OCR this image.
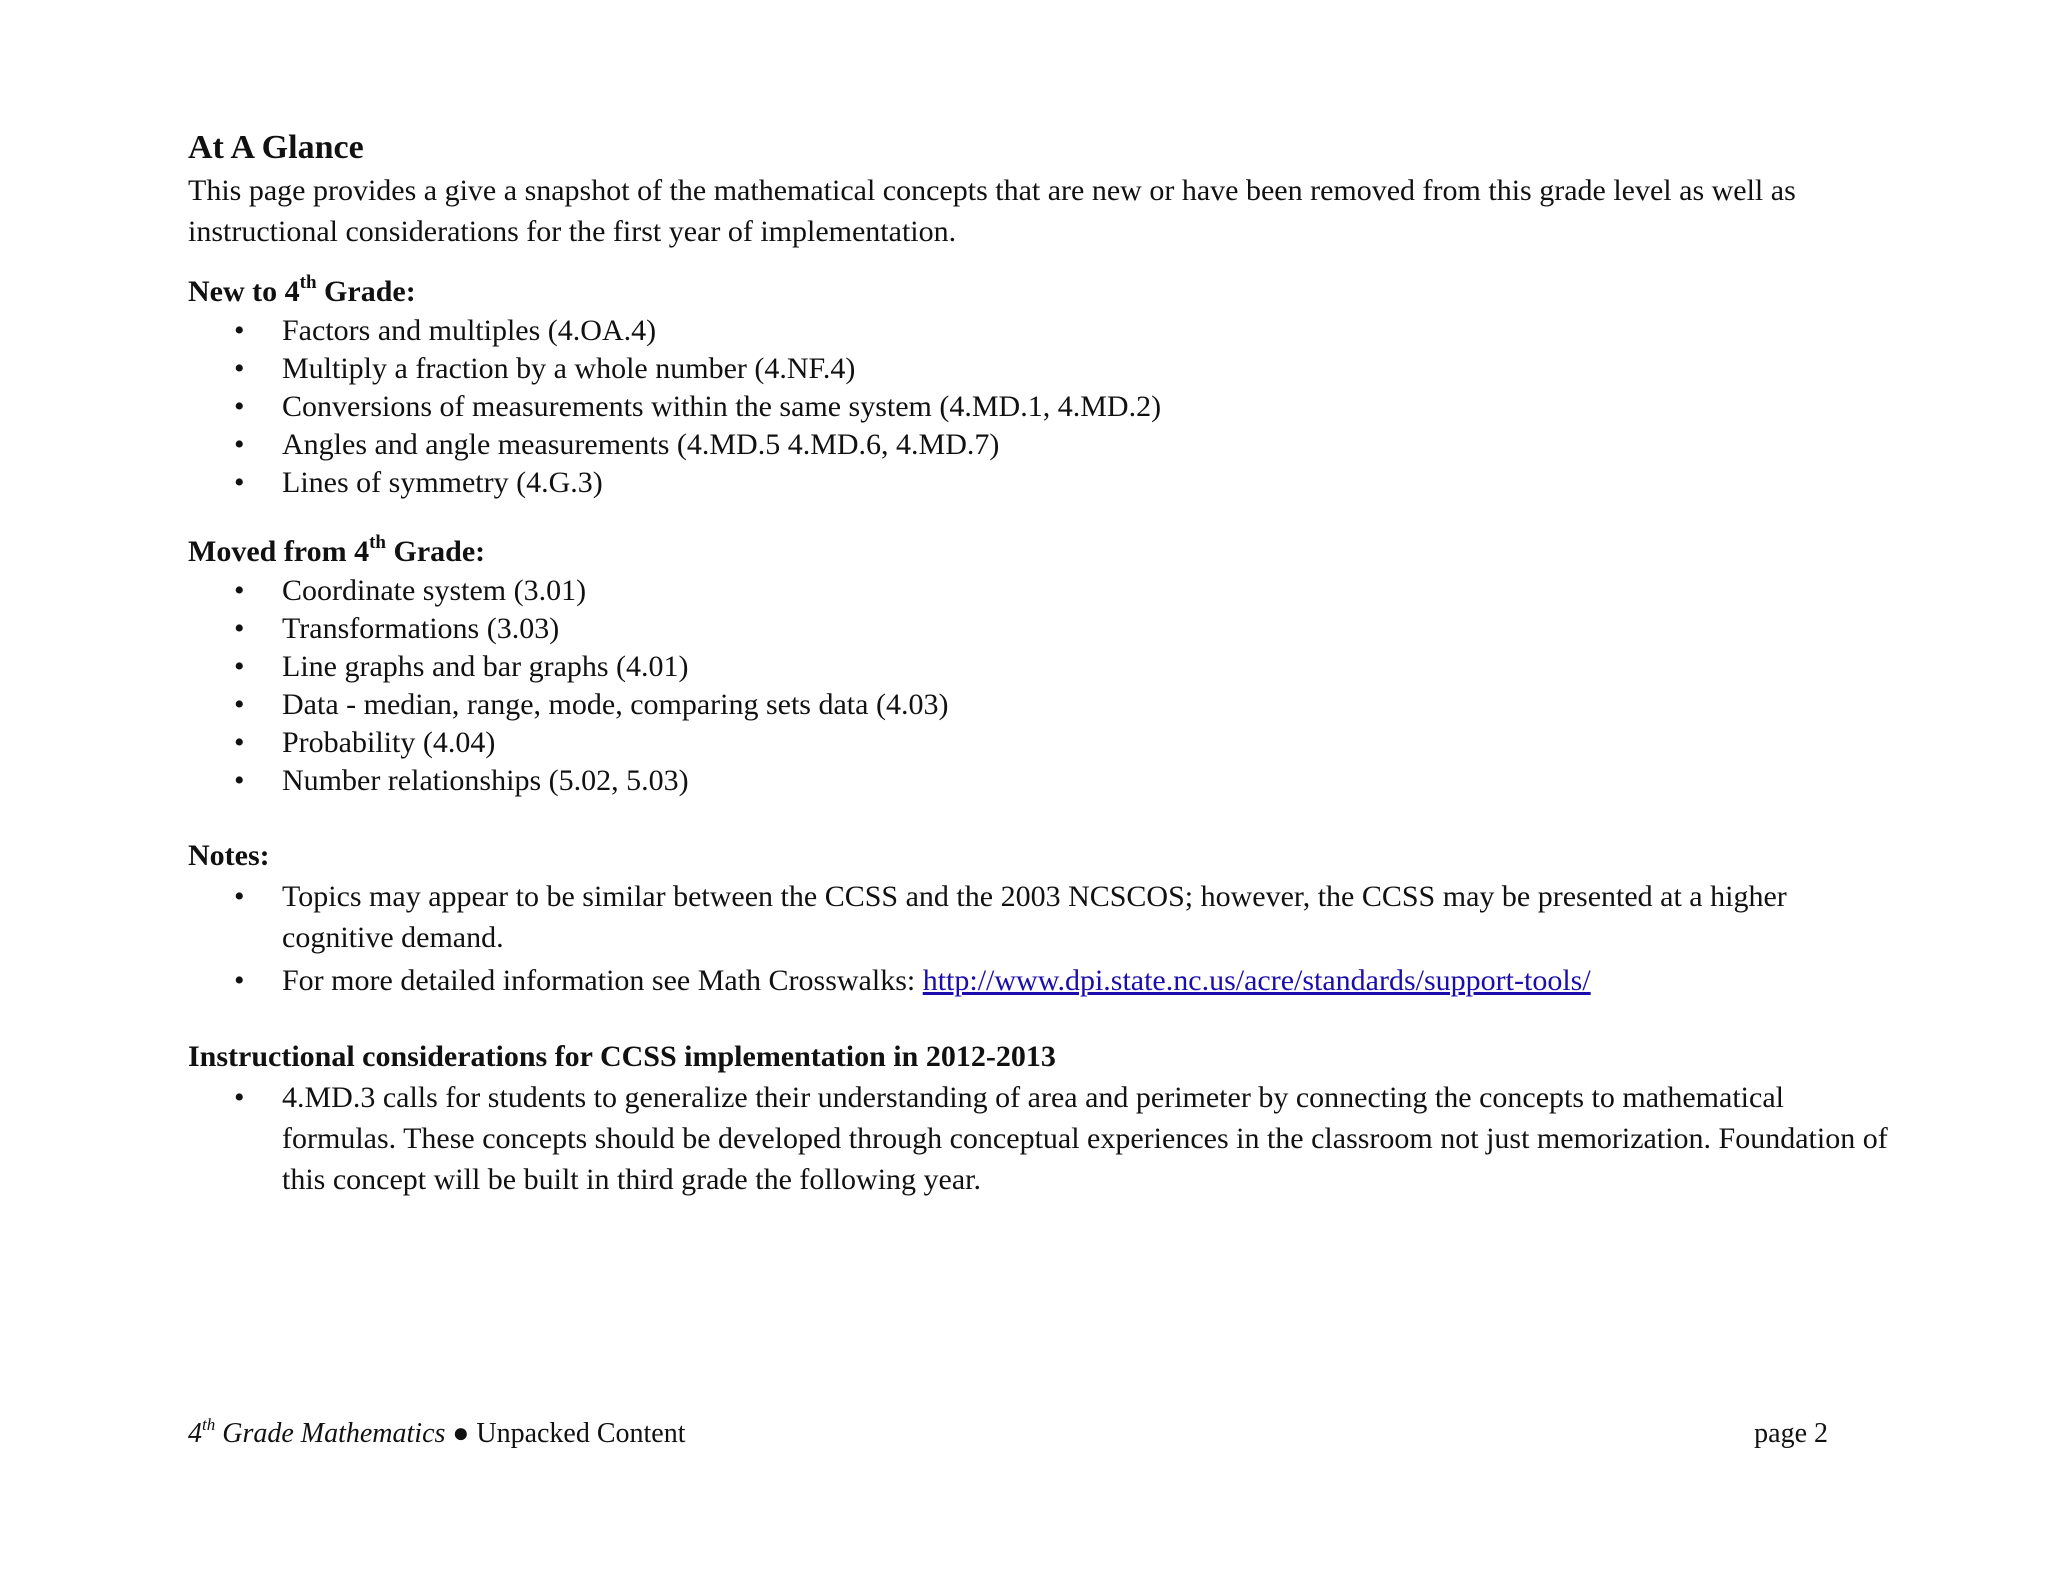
At A Glance

This page provides a give a snapshot of the mathematical concepts that are new or have been removed from this grade level as well as instructional considerations for the first year of implementation.

New to 4th Grade:
• Factors and multiples (4.OA.4)
• Multiply a fraction by a whole number (4.NF.4)
• Conversions of measurements within the same system (4.MD.1, 4.MD.2)
• Angles and angle measurements (4.MD.5 4.MD.6, 4.MD.7)
• Lines of symmetry (4.G.3)
Moved from 4th Grade:
• Coordinate system (3.01)
• Transformations (3.03)
• Line graphs and bar graphs (4.01)
• Data - median, range, mode, comparing sets data (4.03)
• Probability (4.04)
• Number relationships (5.02, 5.03)
Notes:
• Topics may appear to be similar between the CCSS and the 2003 NCSCOS; however, the CCSS may be presented at a higher cognitive demand.
• For more detailed information see Math Crosswalks: http://www.dpi.state.nc.us/acre/standards/support-tools/
Instructional considerations for CCSS implementation in 2012-2013
• 4.MD.3 calls for students to generalize their understanding of area and perimeter by connecting the concepts to mathematical formulas. These concepts should be developed through conceptual experiences in the classroom not just memorization. Foundation of this concept will be built in third grade the following year.
4th Grade Mathematics ● Unpacked Content	page 2
